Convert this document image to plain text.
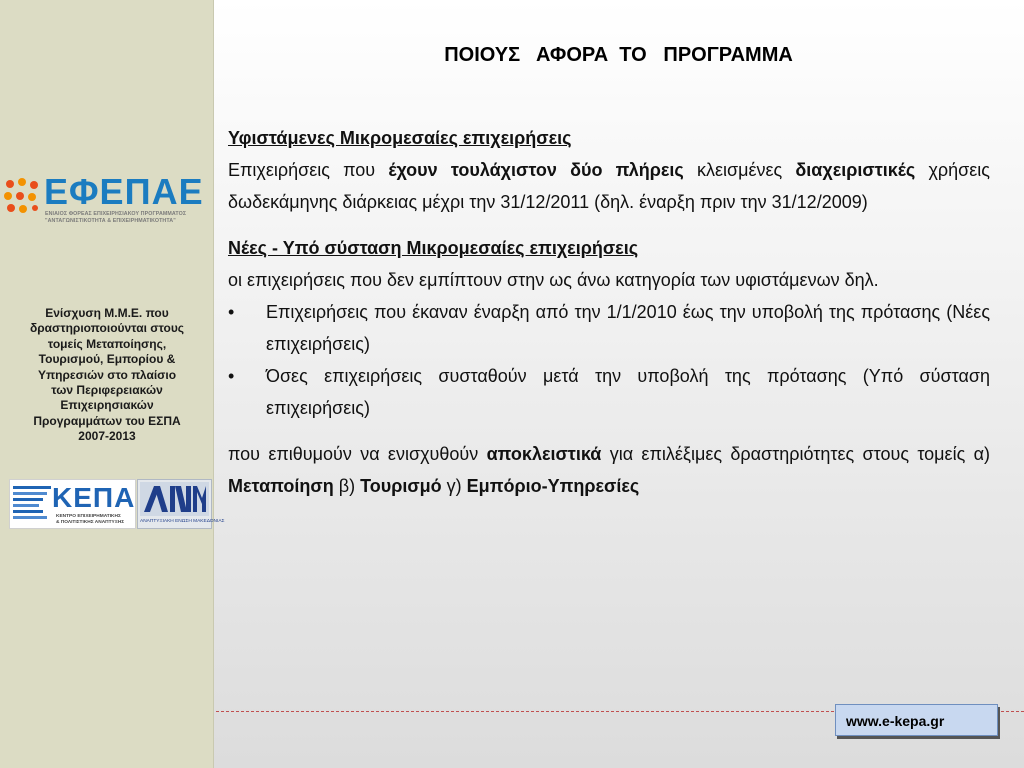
ΕΦΕΠΑΕ
ΕΝΙΑΙΟΣ ΦΟΡΕΑΣ ΕΠΙΧΕΙΡΗΣΙΑΚΟΥ ΠΡΟΓΡΑΜΜΑΤΟΣ
"ΑΝΤΑΓΩΝΙΣΤΙΚΟΤΗΤΑ & ΕΠΙΧΕΙΡΗΜΑΤΙΚΟΤΗΤΑ"
Ενίσχυση Μ.Μ.Ε. που
δραστηριοποιούνται στους
τομείς Μεταποίησης,
Τουρισμού, Εμπορίου &
Υπηρεσιών στο πλαίσιο
των Περιφερειακών
Επιχειρησιακών
Προγραμμάτων του ΕΣΠΑ
2007-2013
ΚΕΠΑ
ΚΕΝΤΡΟ ΕΠΙΧΕΙΡΗΜΑΤΙΚΗΣ
& ΠΟΛΙΤΙΣΤΙΚΗΣ ΑΝΑΠΤΥΞΗΣ	ΑΝΑΠΤΥΞΙΑΚΗ ΕΝΩΣΗ ΜΑΚΕΔΟΝΙΑΣ
ΠΟΙΟΥΣ   ΑΦΟΡΑ  ΤΟ   ΠΡΟΓΡΑΜΜΑ

Υφιστάμενες Μικρομεσαίες επιχειρήσεις
Επιχειρήσεις που έχουν τουλάχιστον δύο πλήρεις κλεισμένες διαχειριστικές χρήσεις δωδεκάμηνης διάρκειας μέχρι την 31/12/2011 (δηλ. έναρξη πριν την 31/12/2009)

Νέες - Υπό σύσταση Μικρομεσαίες επιχειρήσεις
οι επιχειρήσεις που δεν εμπίπτουν στην ως άνω κατηγορία των υφιστάμενων δηλ.

• Επιχειρήσεις που έκαναν έναρξη από την 1/1/2010 έως την υποβολή της πρότασης (Νέες επιχειρήσεις)
• Όσες επιχειρήσεις συσταθούν μετά την υποβολή της πρότασης (Υπό σύσταση επιχειρήσεις)

που επιθυμούν να ενισχυθούν αποκλειστικά για επιλέξιμες δραστηριότητες στους τομείς α) Μεταποίηση β) Τουρισμό γ) Εμπόριο-Υπηρεσίες

www.e-kepa.gr
